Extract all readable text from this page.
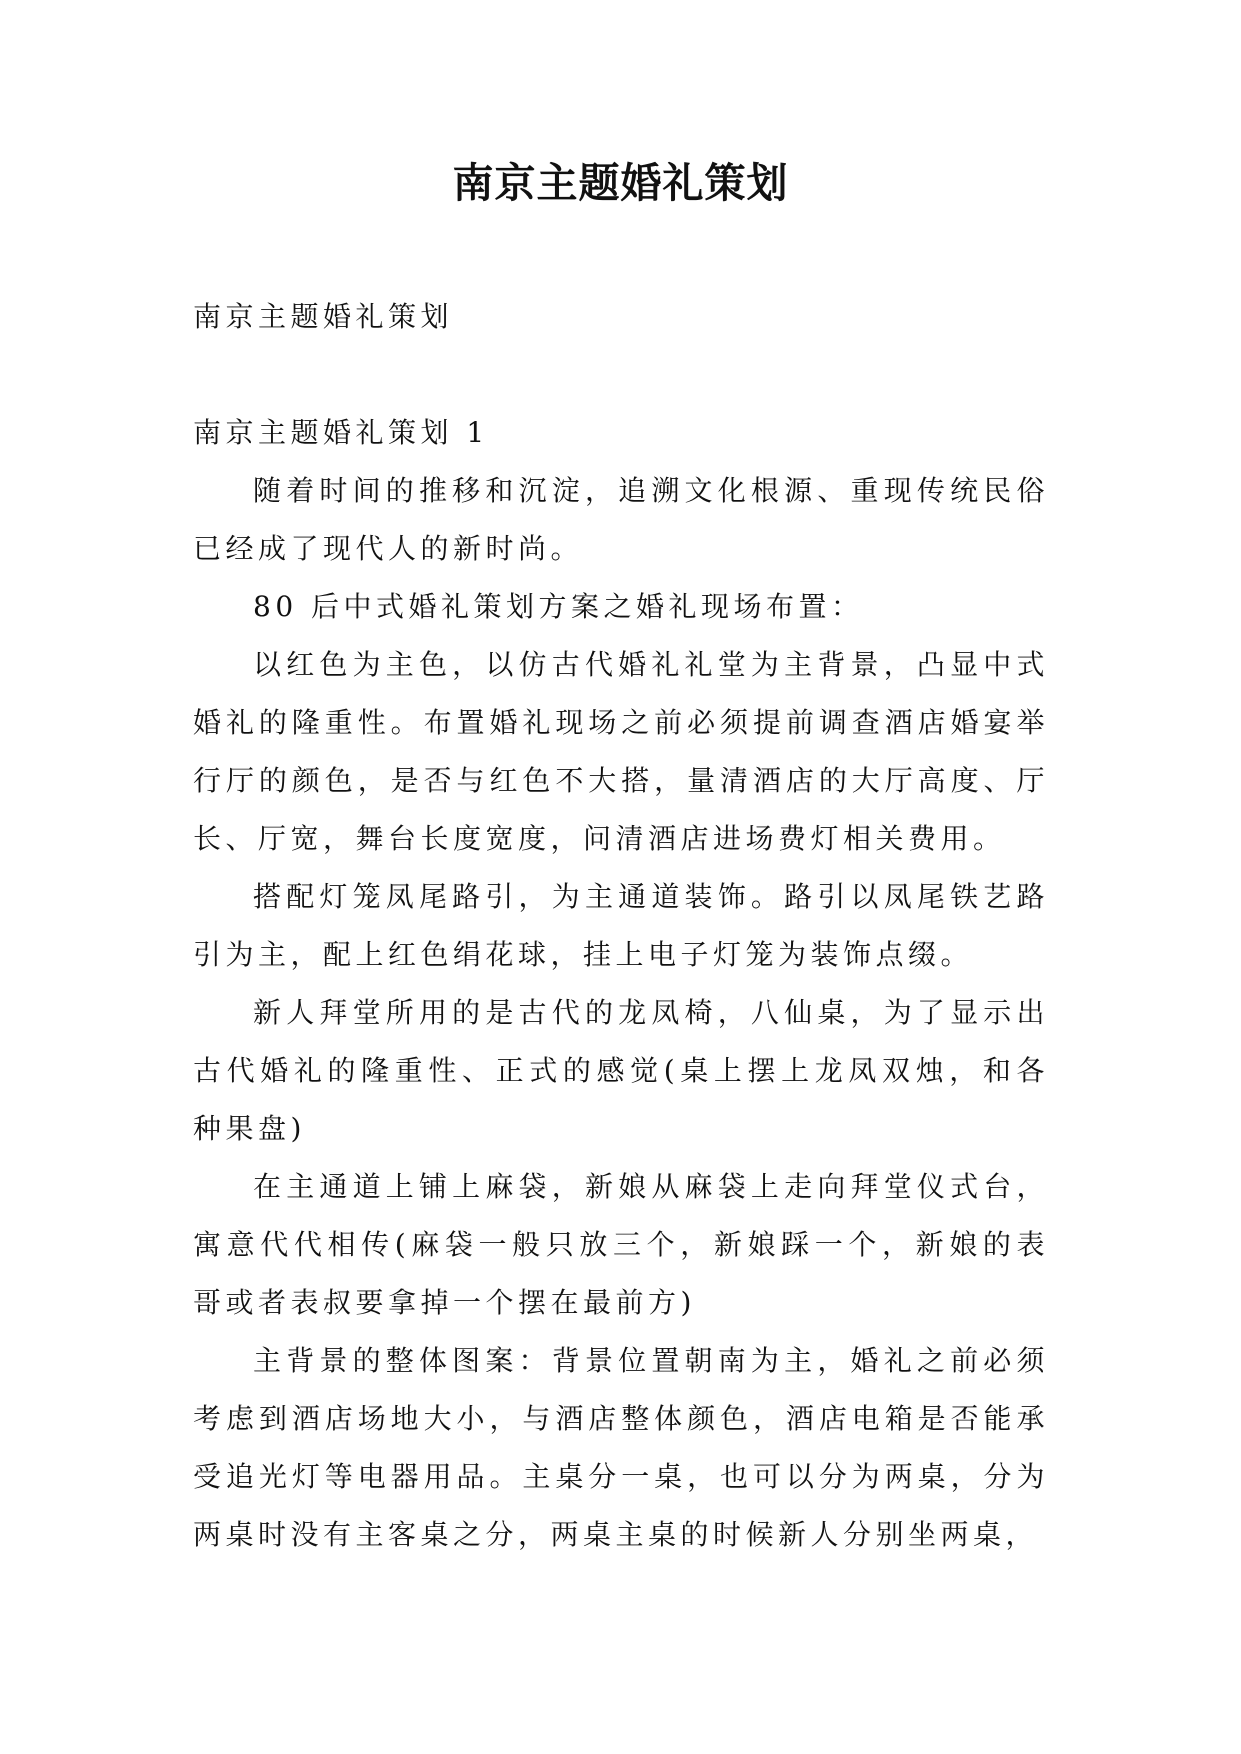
南京主题婚礼策划

南京主题婚礼策划

南京主题婚礼策划 1

随着时间的推移和沉淀，追溯文化根源、重现传统民俗已经成了现代人的新时尚。

80 后中式婚礼策划方案之婚礼现场布置：

以红色为主色，以仿古代婚礼礼堂为主背景，凸显中式婚礼的隆重性。布置婚礼现场之前必须提前调查酒店婚宴举行厅的颜色，是否与红色不大搭，量清酒店的大厅高度、厅长、厅宽，舞台长度宽度，问清酒店进场费灯相关费用。

搭配灯笼凤尾路引，为主通道装饰。路引以凤尾铁艺路引为主，配上红色绢花球，挂上电子灯笼为装饰点缀。

新人拜堂所用的是古代的龙凤椅，八仙桌，为了显示出古代婚礼的隆重性、正式的感觉(桌上摆上龙凤双烛，和各种果盘)

在主通道上铺上麻袋，新娘从麻袋上走向拜堂仪式台，寓意代代相传(麻袋一般只放三个，新娘踩一个，新娘的表哥或者表叔要拿掉一个摆在最前方)

主背景的整体图案：背景位置朝南为主，婚礼之前必须考虑到酒店场地大小，与酒店整体颜色，酒店电箱是否能承受追光灯等电器用品。主桌分一桌，也可以分为两桌，分为两桌时没有主客桌之分，两桌主桌的时候新人分别坐两桌，
